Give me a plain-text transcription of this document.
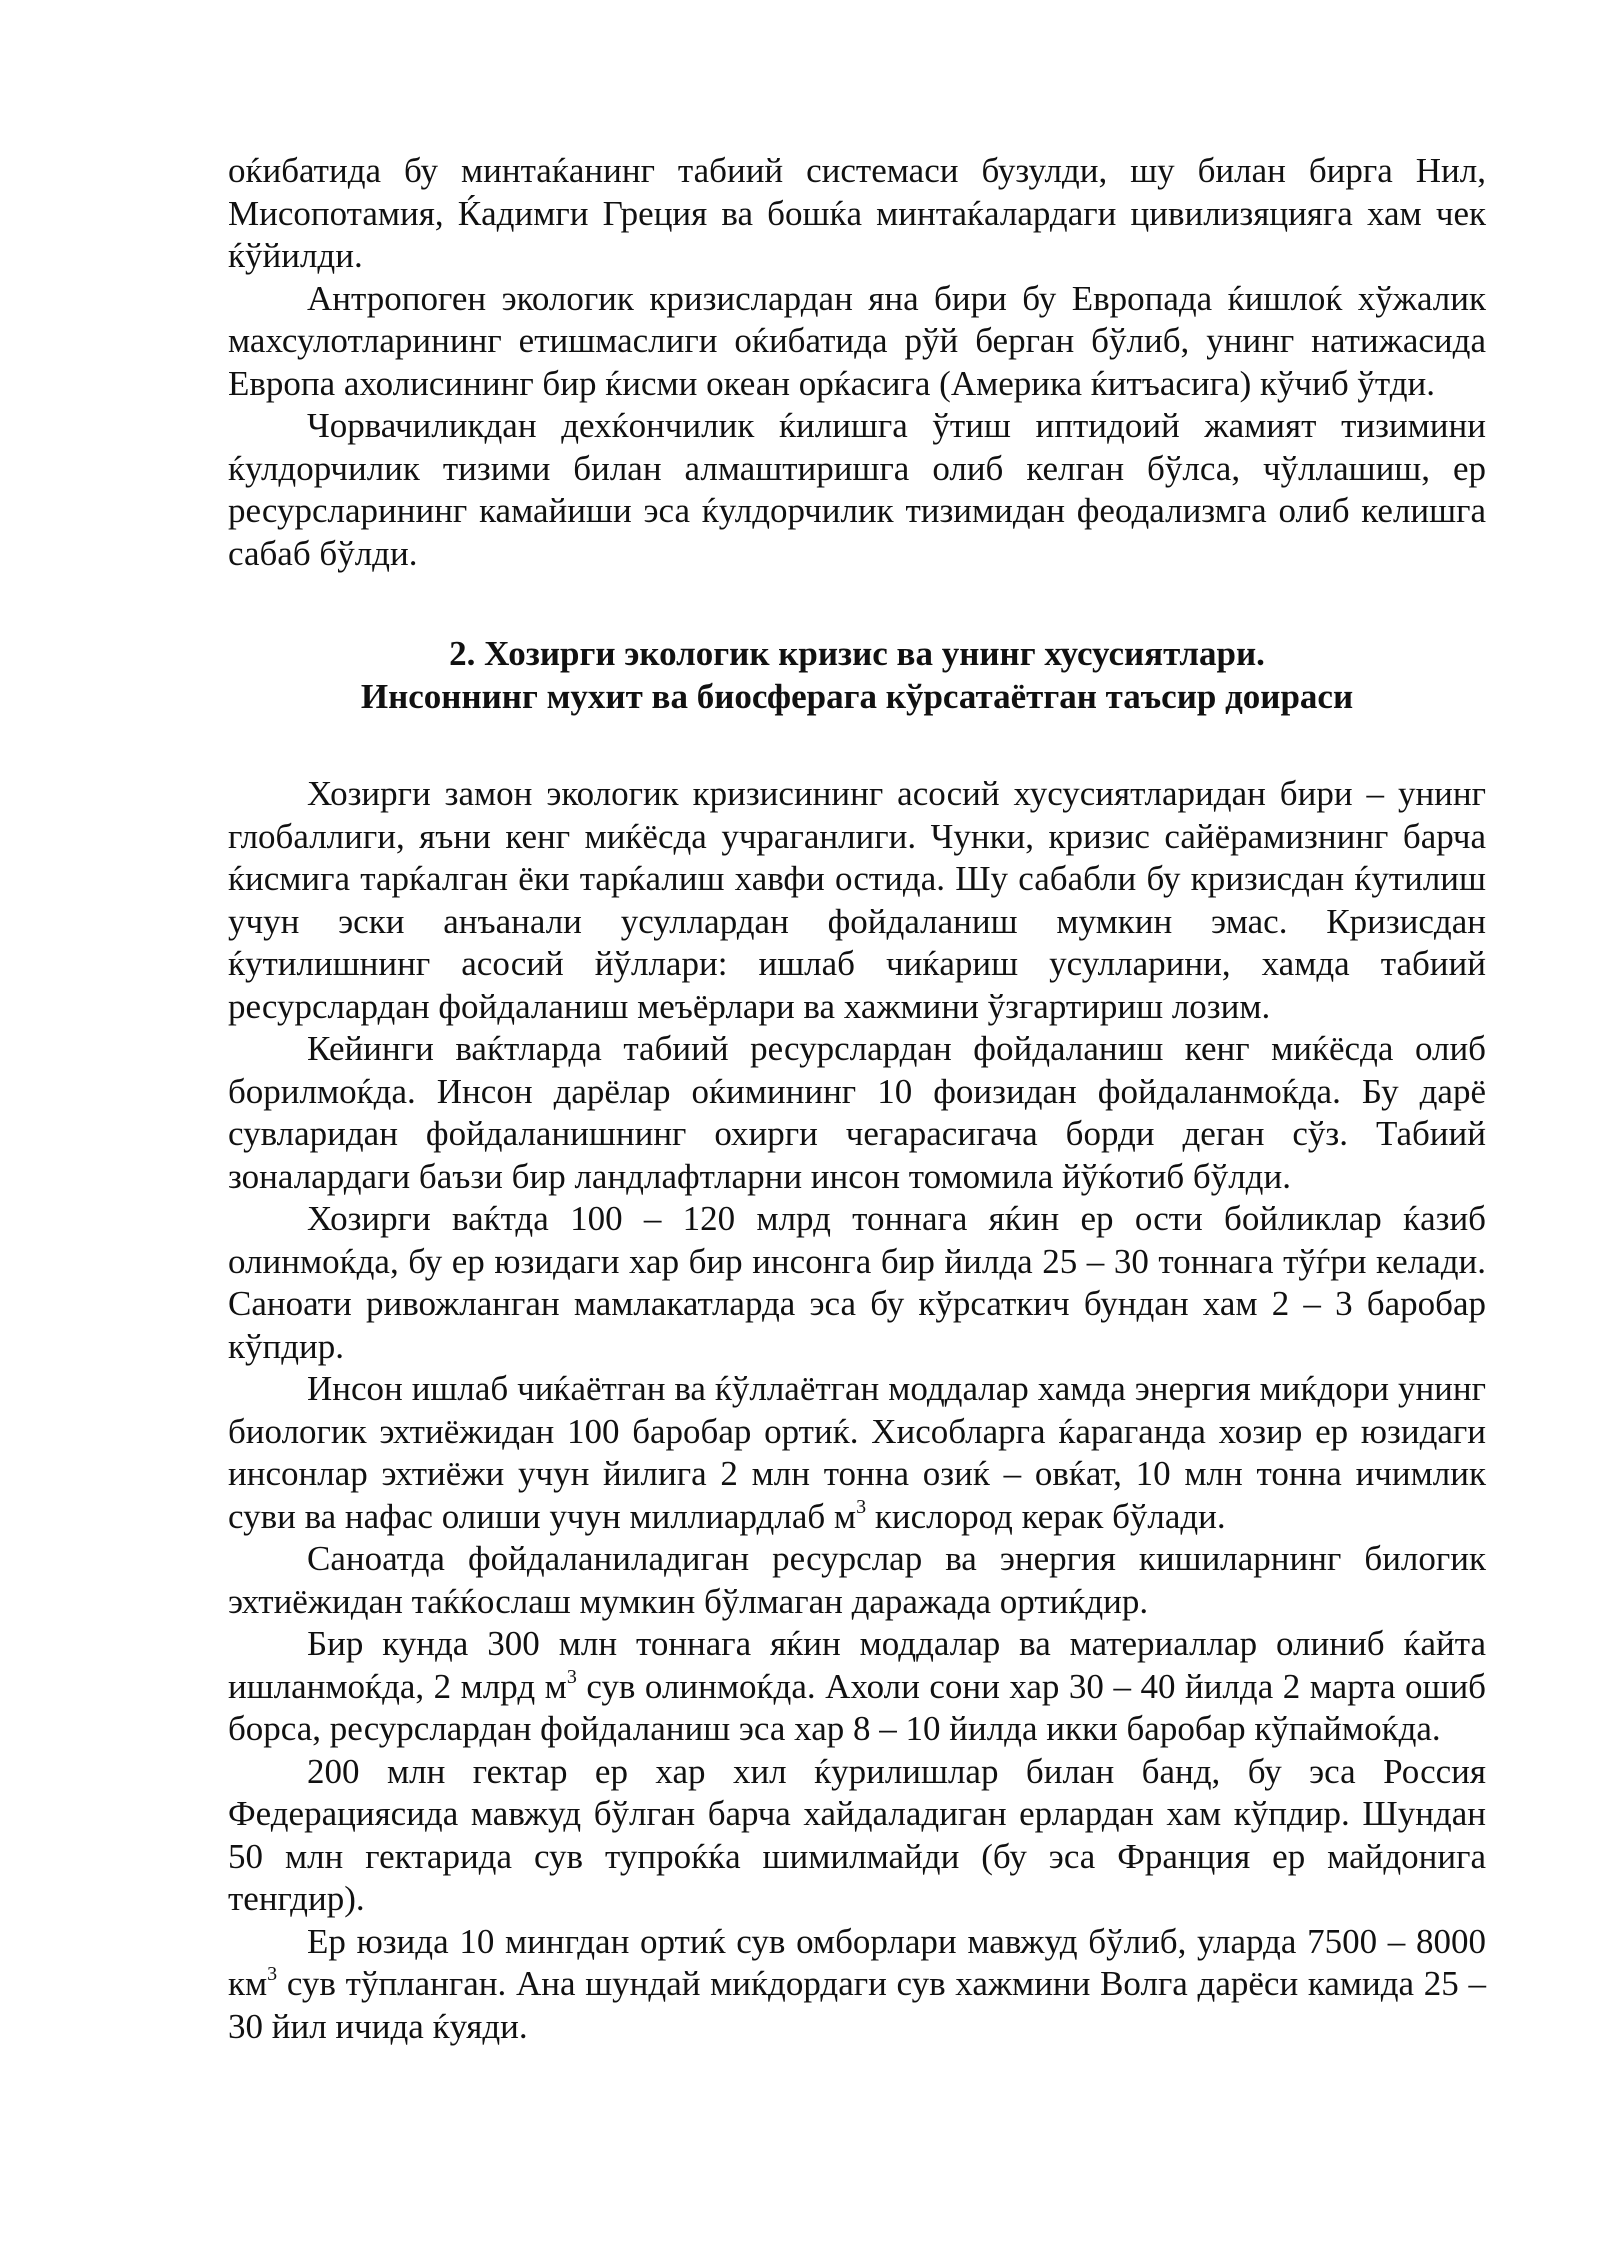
оќибатида бу минтаќанинг табиий системаси бузулди, шу билан бирга Нил, Мисопотамия, Ќадимги Греция ва бошќа минтаќалардаги цивилизяцияга хам чек ќўйилди.

Антропоген экологик кризислардан яна бири бу Европада ќишлоќ хўжалик махсулотларининг етишмаслиги оќибатида рўй берган бўлиб, унинг натижасида Европа ахолисининг бир ќисми океан орќасига (Америка ќитъасига) кўчиб ўтди.

Чорвачиликдан дехќончилик ќилишга ўтиш иптидоий жамият тизимини ќулдорчилик тизими билан алмаштиришга олиб келган бўлса, чўллашиш, ер ресурсларининг камайиши эса ќулдорчилик тизимидан феодализмга олиб келишга сабаб бўлди.

2. Хозирги экологик кризис ва унинг хусусиятлари.
Инсоннинг мухит ва биосферага кўрсатаётган таъсир доираси

Хозирги замон экологик кризисининг асосий хусусиятларидан бири – унинг глобаллиги, яъни кенг миќёсда учраганлиги. Чунки, кризис сайёрамизнинг барча ќисмига тарќалган ёки тарќалиш хавфи остида. Шу сабабли бу кризисдан ќутилиш учун эски анъанали усуллардан фойдаланиш мумкин эмас. Кризисдан ќутилишнинг асосий йўллари: ишлаб чиќариш усулларини, хамда табиий ресурслардан фойдаланиш меъёрлари ва хажмини ўзгартириш лозим.

Кейинги ваќтларда табиий ресурслардан фойдаланиш кенг миќёсда олиб борилмоќда. Инсон дарёлар оќимининг 10 фоизидан фойдаланмоќда. Бу дарё сувларидан фойдаланишнинг охирги чегарасигача борди деган сўз. Табиий зоналардаги баъзи бир ландлафтларни инсон томомила йўќотиб бўлди.

Хозирги ваќтда 100 – 120 млрд тоннага яќин ер ости бойликлар ќазиб олинмоќда, бу ер юзидаги хар бир инсонга бир йилда 25 – 30 тоннага тўѓри келади. Саноати ривожланган мамлакатларда эса бу кўрсаткич бундан хам 2 – 3 баробар кўпдир.

Инсон ишлаб чиќаётган ва ќўллаётган моддалар хамда энергия миќдори унинг биологик эхтиёжидан 100 баробар ортиќ. Хисобларга ќараганда хозир ер юзидаги инсонлар эхтиёжи учун йилига 2 млн тонна озиќ – овќат, 10 млн тонна ичимлик суви ва нафас олиши учун миллиардлаб $м^3$ кислород керак бўлади.

Саноатда фойдаланиладиган ресурслар ва энергия кишиларнинг билогик эхтиёжидан таќќослаш мумкин бўлмаган даражада ортиќдир.

Бир кунда 300 млн тоннага яќин моддалар ва материаллар олиниб ќайта ишланмоќда, 2 млрд $м^3$ сув олинмоќда. Ахоли сони хар 30 – 40 йилда 2 марта ошиб борса, ресурслардан фойдаланиш эса хар 8 – 10 йилда икки баробар кўпаймоќда.

200 млн гектар ер хар хил ќурилишлар билан банд, бу эса Россия Федерациясида мавжуд бўлган барча хайдаладиган ерлардан хам кўпдир. Шундан 50 млн гектарида сув тупроќќа шимилмайди (бу эса Франция ер майдонига тенгдир).

Ер юзида 10 мингдан ортиќ сув омборлари мавжуд бўлиб, уларда 7500 – 8000 $км^3$ сув тўпланган. Ана шундай миќдордаги сув хажмини Волга дарёси камида 25 – 30 йил ичида ќуяди.
